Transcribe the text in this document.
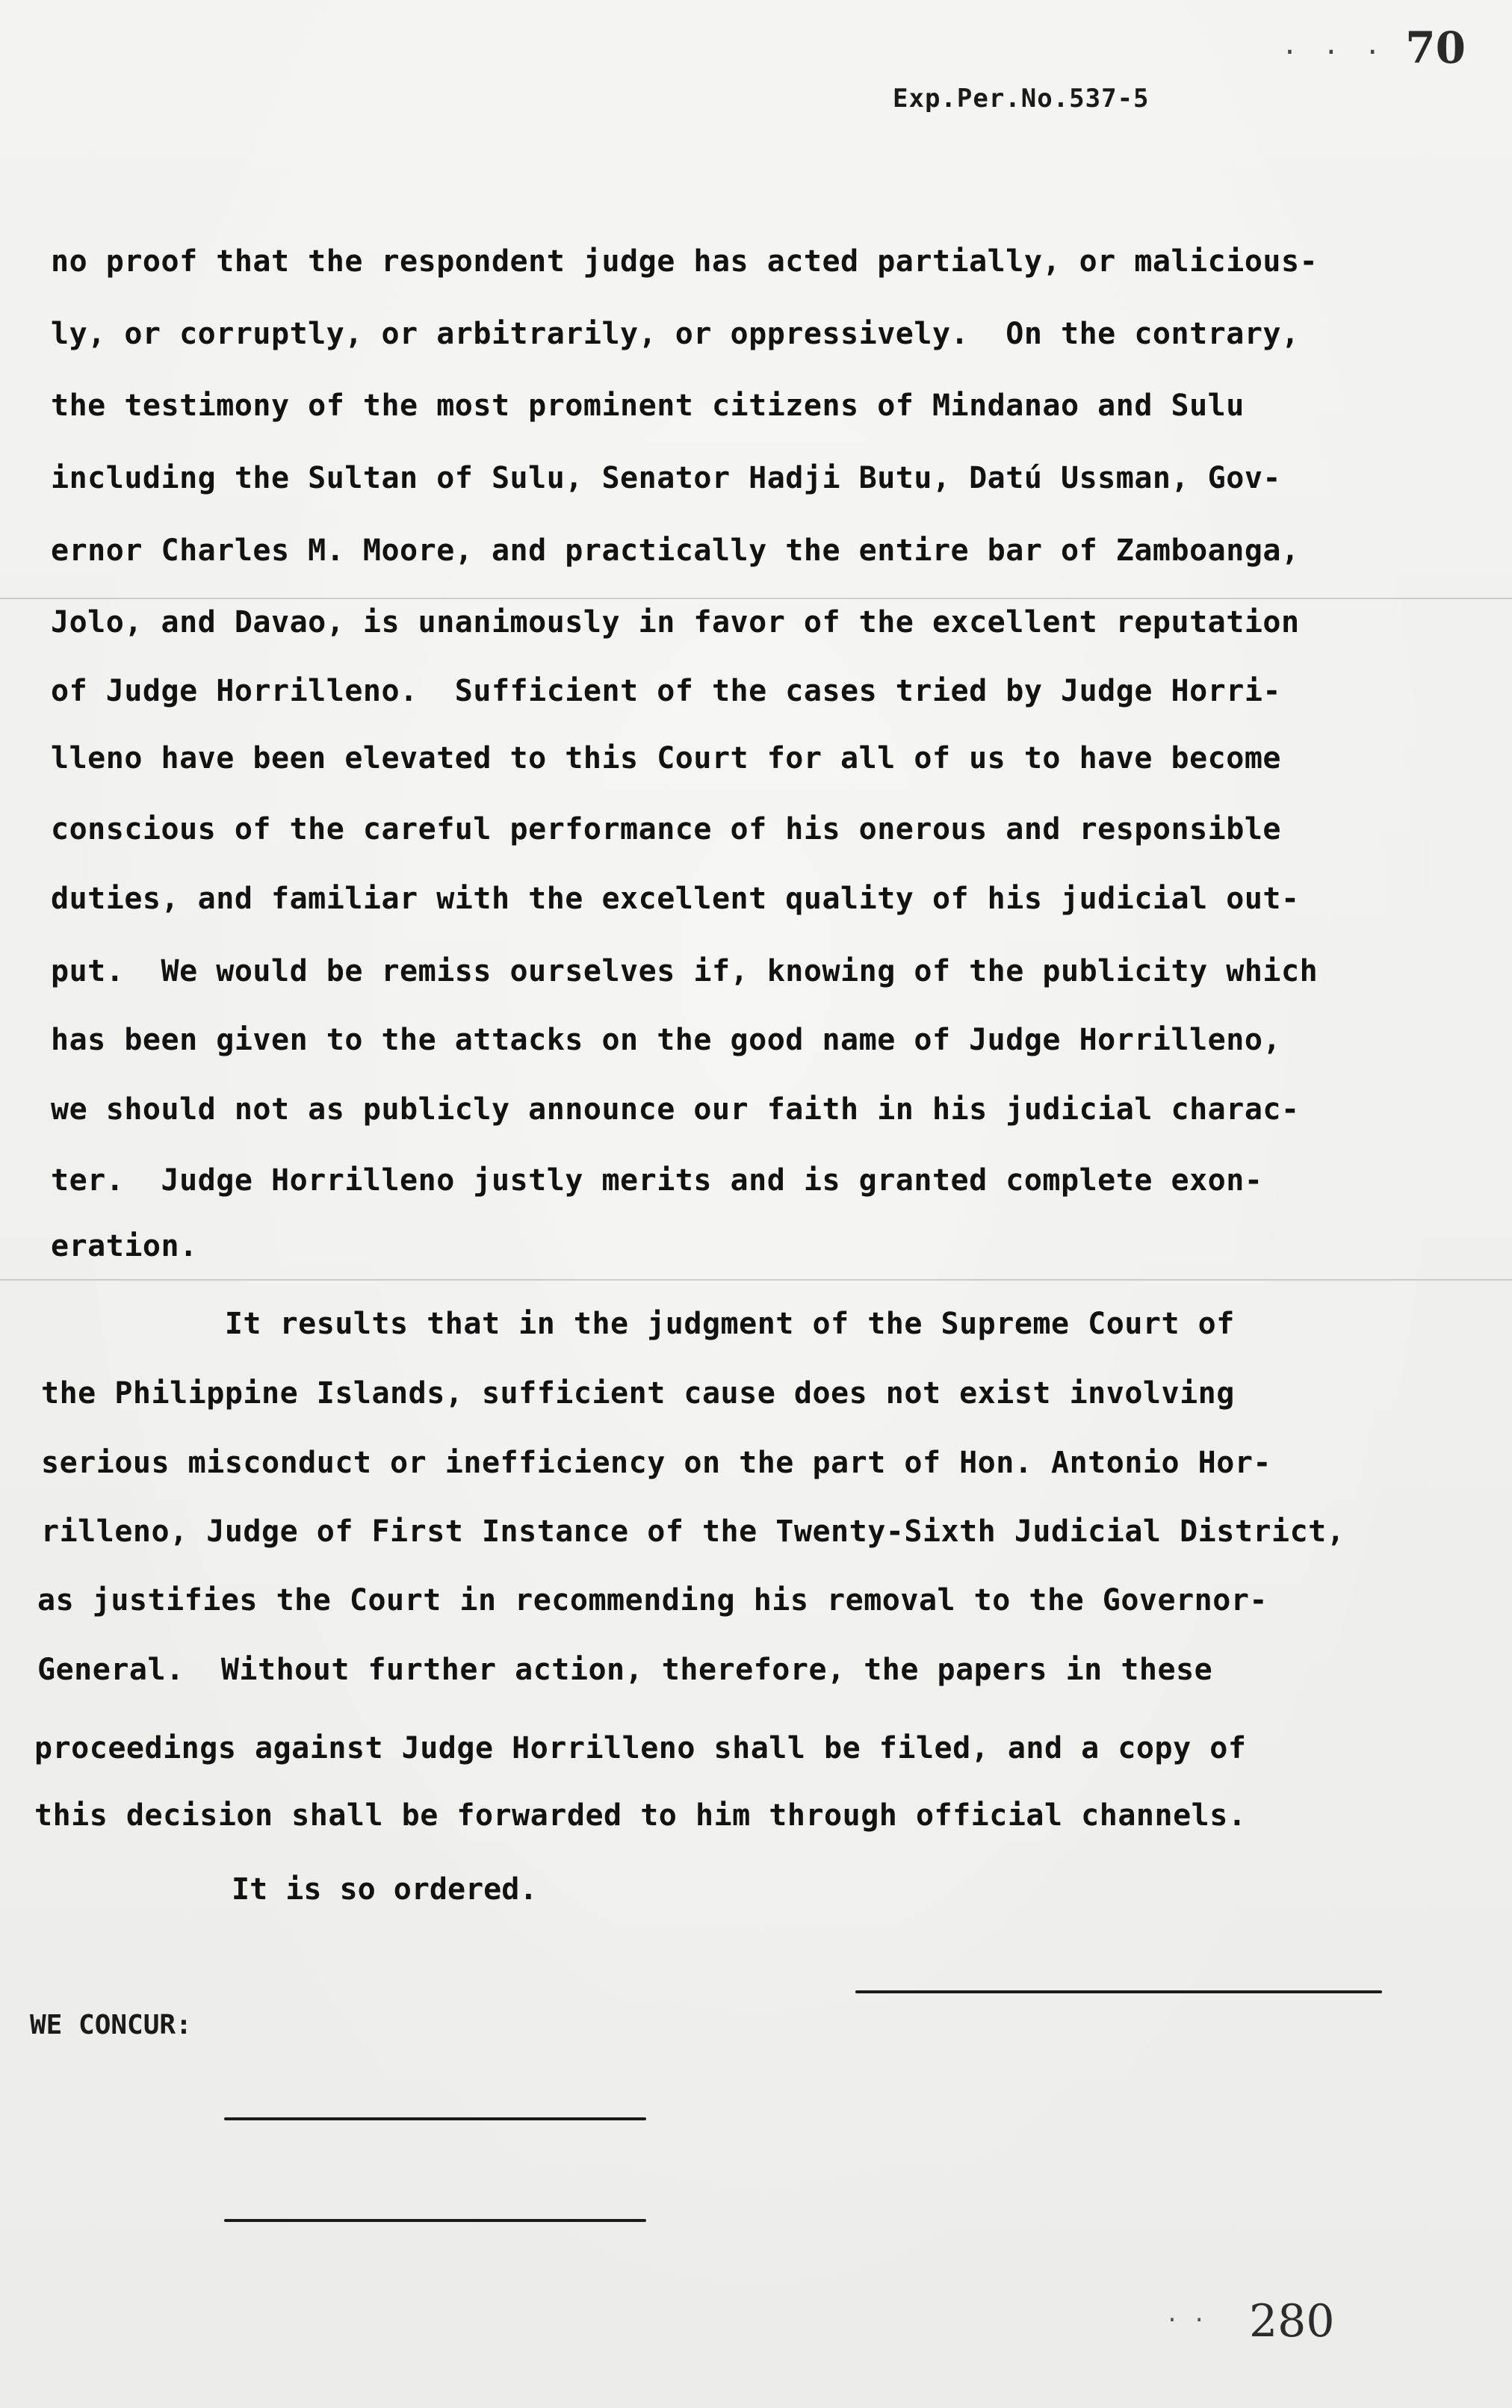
. . . 70
Exp.Per.No.537-5
no proof that the respondent judge has acted partially, or malicious-
ly, or corruptly, or arbitrarily, or oppressively.  On the contrary,
the testimony of the most prominent citizens of Mindanao and Sulu
including the Sultan of Sulu, Senator Hadji Butu, Datú Ussman, Gov-
ernor Charles M. Moore, and practically the entire bar of Zamboanga,
Jolo, and Davao, is unanimously in favor of the excellent reputation
of Judge Horrilleno.  Sufficient of the cases tried by Judge Horri-
lleno have been elevated to this Court for all of us to have become
conscious of the careful performance of his onerous and responsible
duties, and familiar with the excellent quality of his judicial out-
put.  We would be remiss ourselves if, knowing of the publicity which
has been given to the attacks on the good name of Judge Horrilleno,
we should not as publicly announce our faith in his judicial charac-
ter.  Judge Horrilleno justly merits and is granted complete exon-
eration.
It results that in the judgment of the Supreme Court of
the Philippine Islands, sufficient cause does not exist involving
serious misconduct or inefficiency on the part of Hon. Antonio Hor-
rilleno, Judge of First Instance of the Twenty-Sixth Judicial District,
as justifies the Court in recommending his removal to the Governor-
General.  Without further action, therefore, the papers in these
proceedings against Judge Horrilleno shall be filed, and a copy of
this decision shall be forwarded to him through official channels.
It is so ordered.
WE CONCUR:
. . 280
